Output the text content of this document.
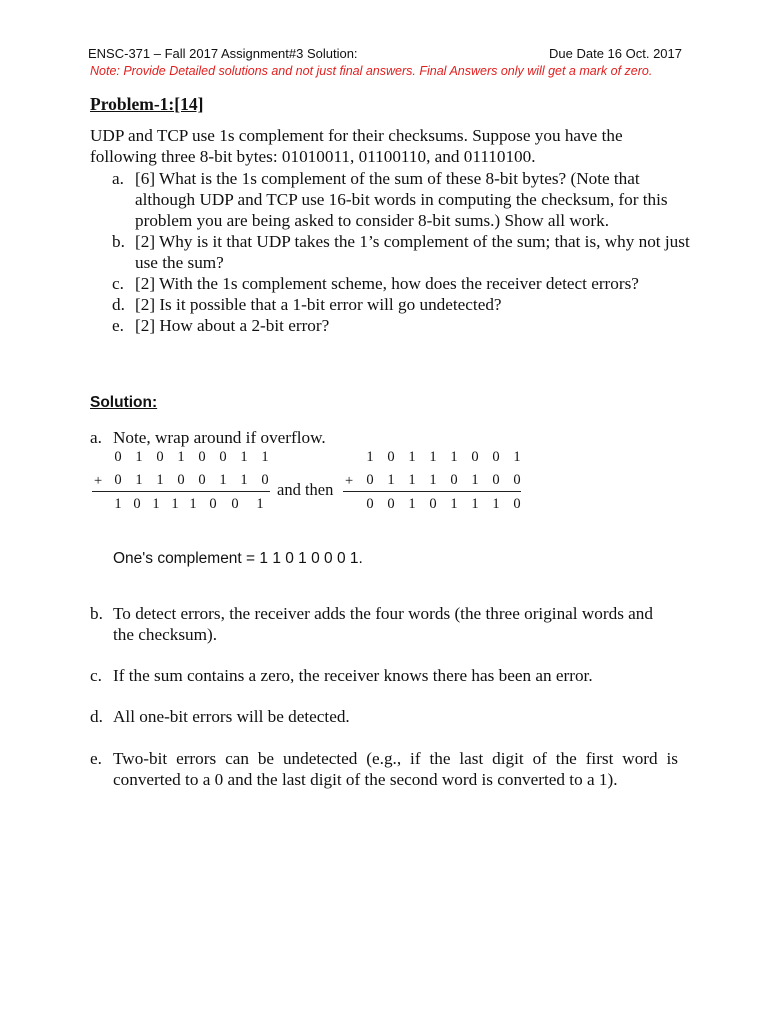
ENSC-371 – Fall 2017 Assignment#3 Solution:	Due Date 16 Oct. 2017
Note: Provide Detailed solutions and not just final answers. Final Answers only will get a mark of zero.
Problem-1:[14]
UDP and TCP use 1s complement for their checksums. Suppose you have the following three 8-bit bytes: 01010011, 01100110, and 01110100.
a. [6] What is the 1s complement of the sum of these 8-bit bytes? (Note that although UDP and TCP use 16-bit words in computing the checksum, for this problem you are being asked to consider 8-bit sums.) Show all work.
b. [2] Why is it that UDP takes the 1’s complement of the sum; that is, why not just use the sum?
c. [2] With the 1s complement scheme, how does the receiver detect errors?
d. [2] Is it possible that a 1-bit error will go undetected?
e. [2] How about a 2-bit error?
Solution:
a. Note, wrap around if overflow.
0 1 0 1 0 0 1 1
+ 0 1 1 0 0 1 1 0
1 0 1 1 1 0 0 1
and then
1 0 1 1 1 0 0 1
+ 0 1 1 1 0 1 0 0
0 0 1 0 1 1 1 0
One's complement = 1 1 0 1 0 0 0 1.
b. To detect errors, the receiver adds the four words (the three original words and the checksum).
c. If the sum contains a zero, the receiver knows there has been an error.
d. All one-bit errors will be detected.
e. Two-bit errors can be undetected (e.g., if the last digit of the first word is converted to a 0 and the last digit of the second word is converted to a 1).
